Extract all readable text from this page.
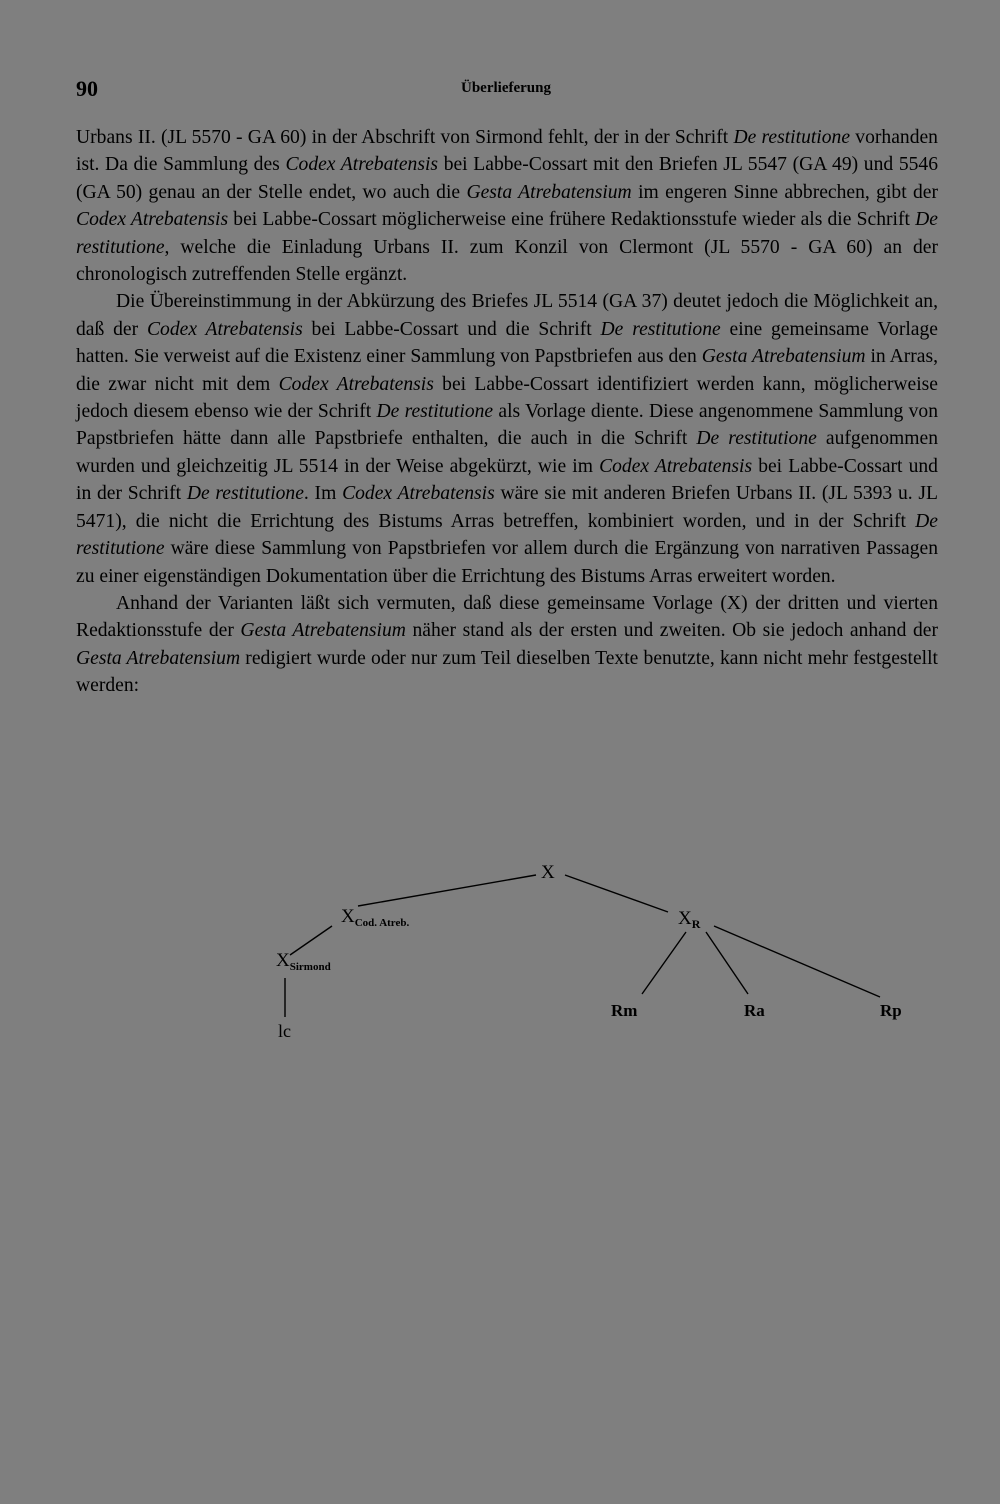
90	Überlieferung

Urbans II. (JL 5570 - GA 60) in der Abschrift von Sirmond fehlt, der in der Schrift De restitutione vorhanden ist. Da die Sammlung des Codex Atrebatensis bei Labbe-Cossart mit den Briefen JL 5547 (GA 49) und 5546 (GA 50) genau an der Stelle endet, wo auch die Gesta Atrebatensium im engeren Sinne abbrechen, gibt der Codex Atrebatensis bei Labbe-Cossart möglicherweise eine frühere Redaktionsstufe wieder als die Schrift De restitutione, welche die Einladung Urbans II. zum Konzil von Clermont (JL 5570 - GA 60) an der chronologisch zutreffenden Stelle ergänzt.

Die Übereinstimmung in der Abkürzung des Briefes JL 5514 (GA 37) deutet jedoch die Möglichkeit an, daß der Codex Atrebatensis bei Labbe-Cossart und die Schrift De restitutione eine gemeinsame Vorlage hatten. Sie verweist auf die Existenz einer Sammlung von Papstbriefen aus den Gesta Atrebatensium in Arras, die zwar nicht mit dem Codex Atrebatensis bei Labbe-Cossart identifiziert werden kann, möglicherweise jedoch diesem ebenso wie der Schrift De restitutione als Vorlage diente. Diese angenommene Sammlung von Papstbriefen hätte dann alle Papstbriefe enthalten, die auch in die Schrift De restitutione aufgenommen wurden und gleichzeitig JL 5514 in der Weise abgekürzt, wie im Codex Atrebatensis bei Labbe-Cossart und in der Schrift De restitutione. Im Codex Atrebatensis wäre sie mit anderen Briefen Urbans II. (JL 5393 u. JL 5471), die nicht die Errichtung des Bistums Arras betreffen, kombiniert worden, und in der Schrift De restitutione wäre diese Sammlung von Papstbriefen vor allem durch die Ergänzung von narrativen Passagen zu einer eigenständigen Dokumentation über die Errichtung des Bistums Arras erweitert worden.

Anhand der Varianten läßt sich vermuten, daß diese gemeinsame Vorlage (X) der dritten und vierten Redaktionsstufe der Gesta Atrebatensium näher stand als der ersten und zweiten. Ob sie jedoch anhand der Gesta Atrebatensium redigiert wurde oder nur zum Teil dieselben Texte benutzte, kann nicht mehr festgestellt werden:

X
$X_{Cod. Atreb.}$	$X_R$
$X_{Sirmond}$
lc
Rm	Ra	Rp
